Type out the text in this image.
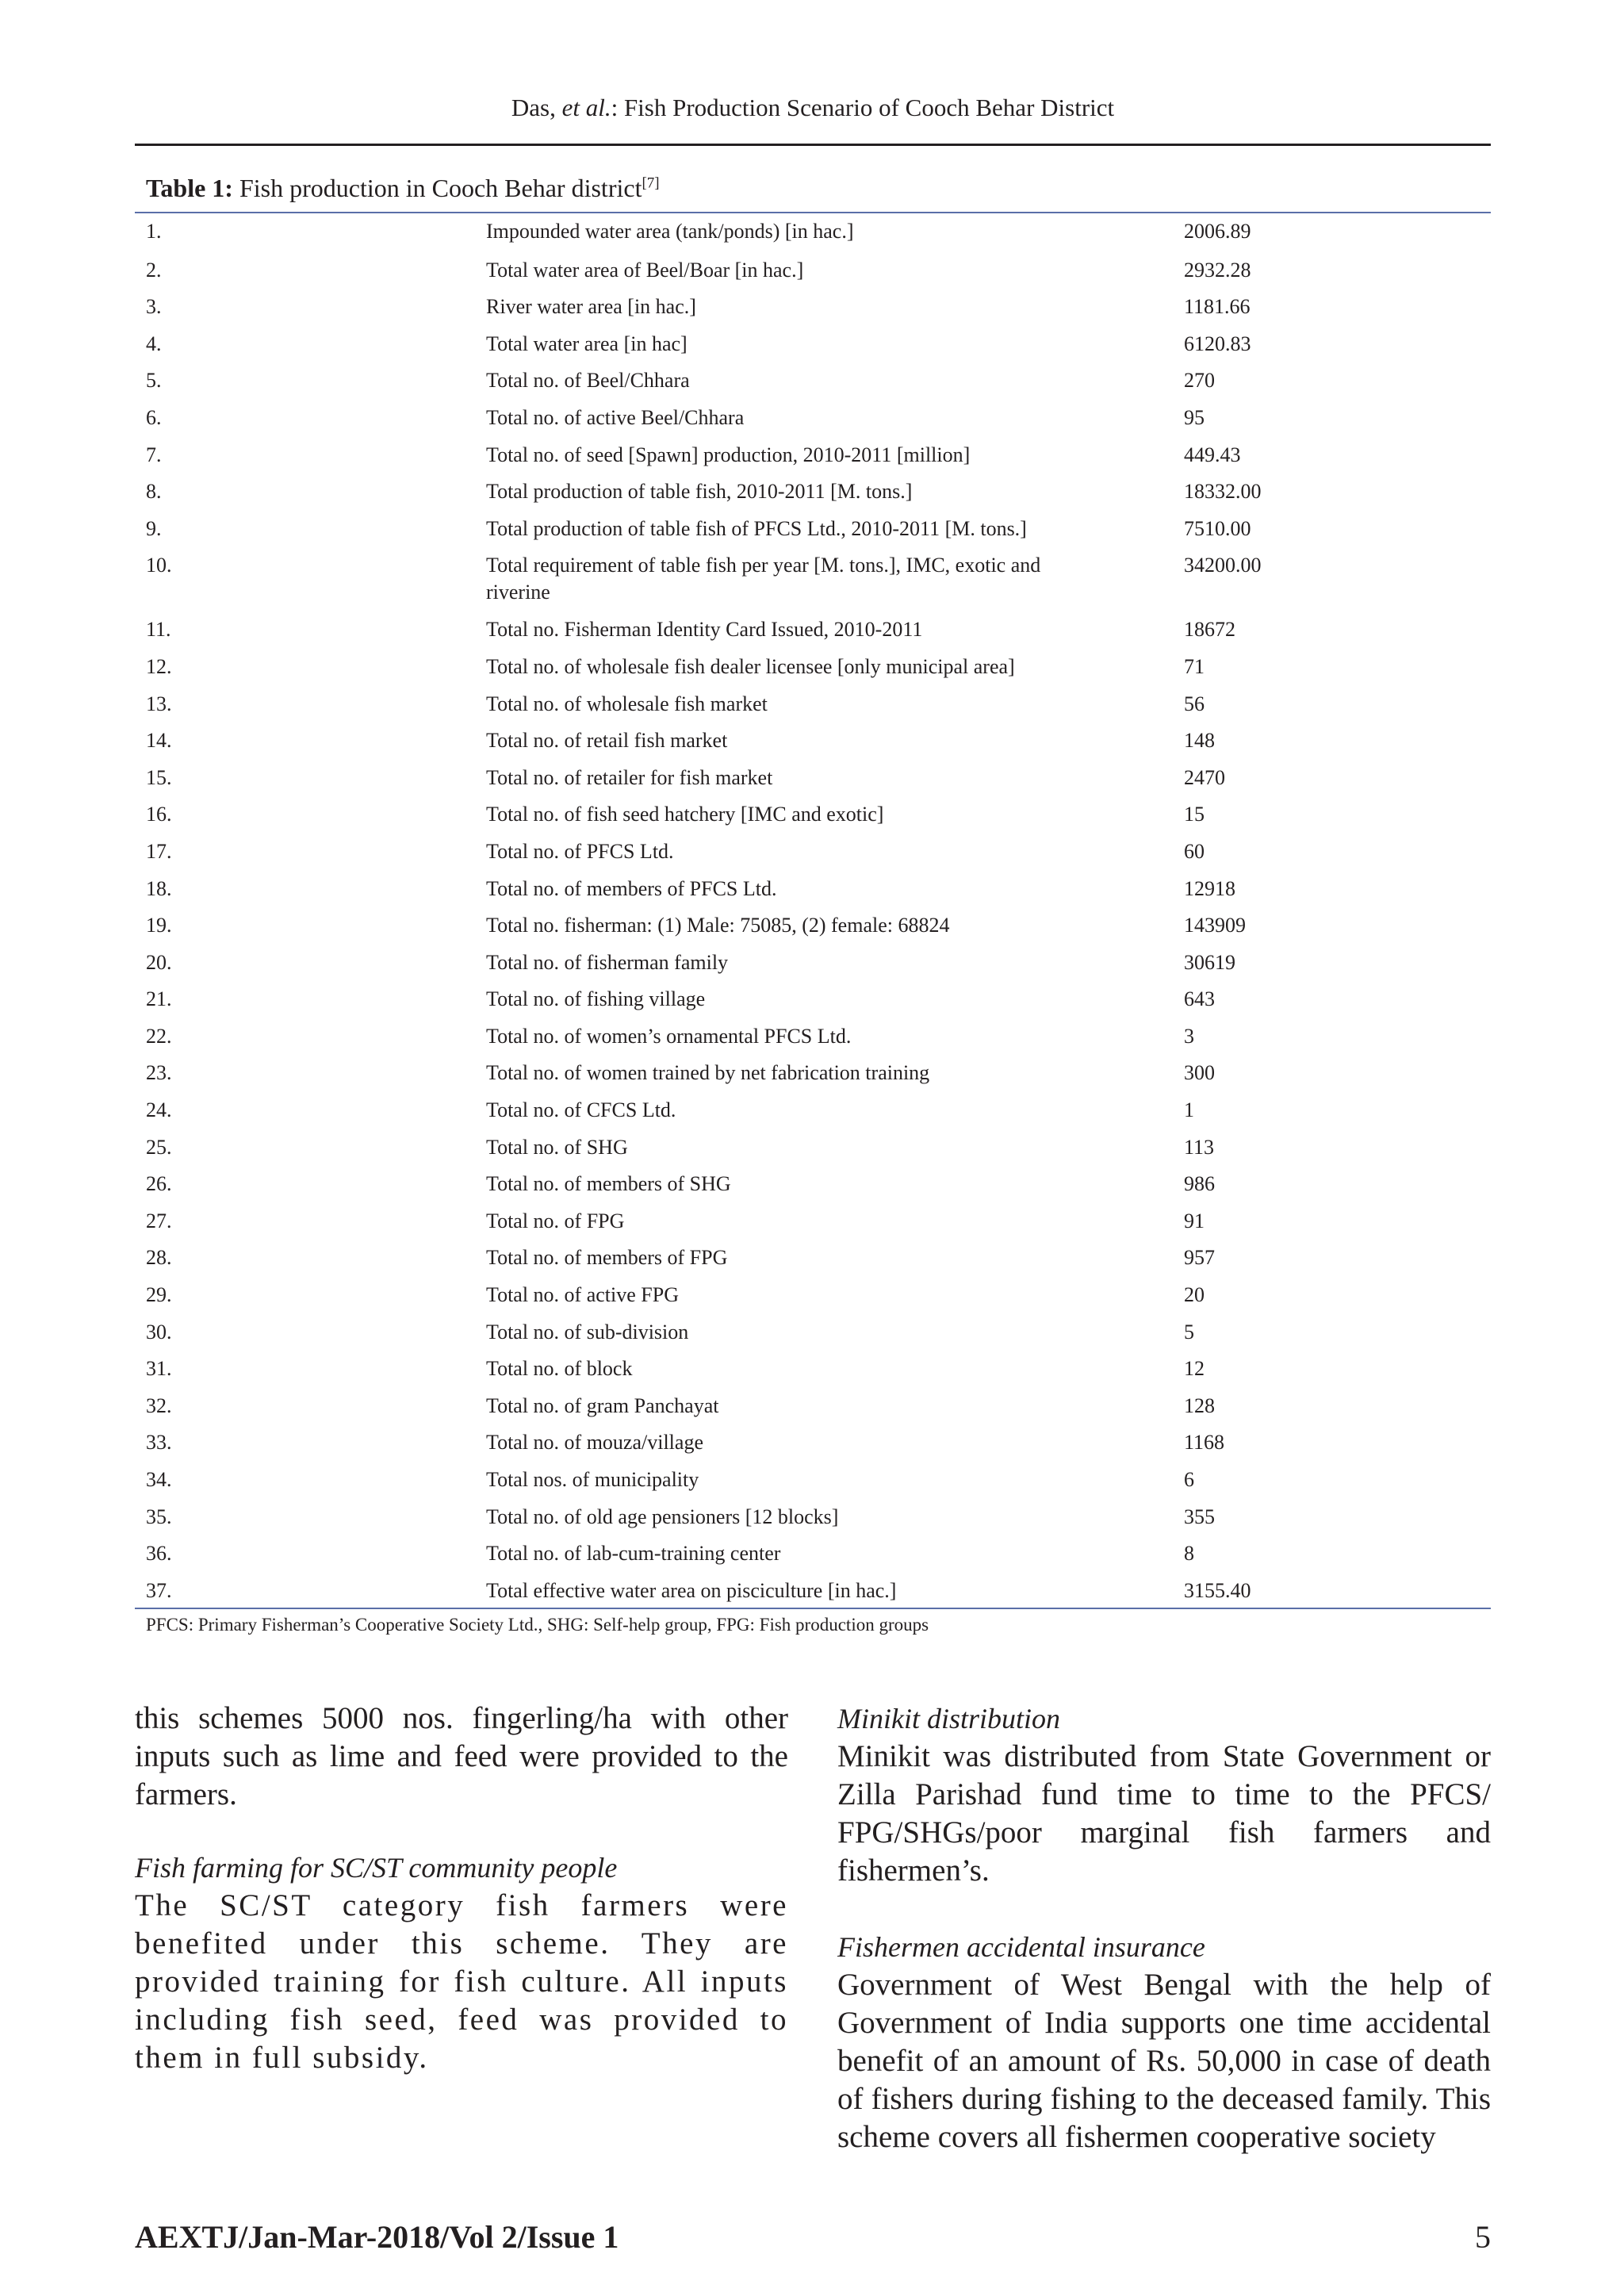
Das, et al.: Fish Production Scenario of Cooch Behar District
Table 1: Fish production in Cooch Behar district[7]
1.	Impounded water area (tank/ponds) [in hac.]	2006.89
2.	Total water area of Beel/Boar [in hac.]	2932.28
3.	River water area [in hac.]	1181.66
4.	Total water area [in hac]	6120.83
5.	Total no. of Beel/Chhara	270
6.	Total no. of active Beel/Chhara	95
7.	Total no. of seed [Spawn] production, 2010-2011 [million]	449.43
8.	Total production of table fish, 2010-2011 [M. tons.]	18332.00
9.	Total production of table fish of PFCS Ltd., 2010-2011 [M. tons.]	7510.00
10.	Total requirement of table fish per year [M. tons.], IMC, exotic and
riverine	34200.00
11.	Total no. Fisherman Identity Card Issued, 2010-2011	18672
12.	Total no. of wholesale fish dealer licensee [only municipal area]	71
13.	Total no. of wholesale fish market	56
14.	Total no. of retail fish market	148
15.	Total no. of retailer for fish market	2470
16.	Total no. of fish seed hatchery [IMC and exotic]	15
17.	Total no. of PFCS Ltd.	60
18.	Total no. of members of PFCS Ltd.	12918
19.	Total no. fisherman: (1) Male: 75085, (2) female: 68824	143909
20.	Total no. of fisherman family	30619
21.	Total no. of fishing village	643
22.	Total no. of women’s ornamental PFCS Ltd.	3
23.	Total no. of women trained by net fabrication training	300
24.	Total no. of CFCS Ltd.	1
25.	Total no. of SHG	113
26.	Total no. of members of SHG	986
27.	Total no. of FPG	91
28.	Total no. of members of FPG	957
29.	Total no. of active FPG	20
30.	Total no. of sub-division	5
31.	Total no. of block	12
32.	Total no. of gram Panchayat	128
33.	Total no. of mouza/village	1168
34.	Total nos. of municipality	6
35.	Total no. of old age pensioners [12 blocks]	355
36.	Total no. of lab-cum-training center	8
37.	Total effective water area on pisciculture [in hac.]	3155.40
PFCS: Primary Fisherman’s Cooperative Society Ltd., SHG: Self-help group, FPG: Fish production groups

this schemes 5000 nos. fingerling/ha with other inputs such as lime and feed were provided to the farmers.

Fish farming for SC/ST community people

The SC/ST category fish farmers were benefited under this scheme. They are provided training for fish culture. All inputs including fish seed, feed was provided to them in full subsidy.

Minikit distribution

Minikit was distributed from State Government or Zilla Parishad fund time to time to the PFCS/ FPG/SHGs/poor marginal fish farmers and fishermen’s.

Fishermen accidental insurance

Government of West Bengal with the help of Government of India supports one time accidental benefit of an amount of Rs. 50,000 in case of death of fishers during fishing to the deceased family. This scheme covers all fishermen cooperative society

AEXTJ/Jan-Mar-2018/Vol 2/Issue 1	5
